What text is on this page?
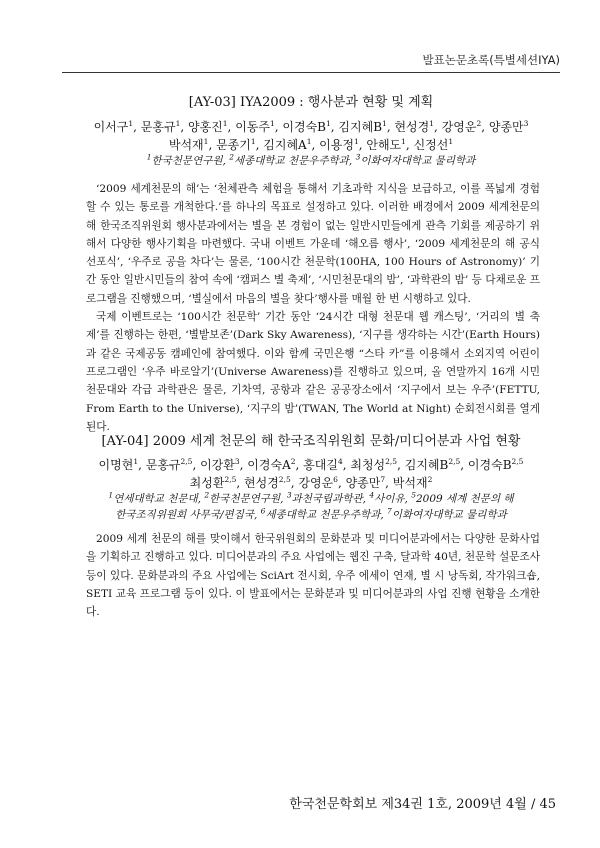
발표논문초록(특별세션IYA)
[AY-03] IYA2009 : 행사분과 현황 및 계획
이서구$^1$, 문홍규$^1$, 양홍진$^1$, 이동주$^1$, 이경숙$B^1$, 김지혜$B^1$, 현성경$^1$, 강영운$^2$, 양종만$^3$
박석재$^1$, 문종기$^1$, 김지혜$A^1$, 이용정$^1$, 안해도$^1$, 신정선$^1$
$^1$한국천문연구원, $^2$세종대학교 천문우주학과, $^3$이화여자대학교 물리학과

‘2009 세계천문의 해’는 ‘천체관측 체험을 통해서 기초과학 지식을 보급하고, 이를 폭넓게 경험할 수 있는 통로를 개척한다.’를 하나의 목표로 설정하고 있다. 이러한 배경에서 2009 세계천문의 해 한국조직위원회 행사분과에서는 별을 본 경험이 없는 일반시민들에게 관측 기회를 제공하기 위해서 다양한 행사기획을 마련했다. 국내 이벤트 가운데 ‘해오름 행사’, ‘2009 세계천문의 해 공식 선포식’, ‘우주로 공을 차다’는 물론, ‘100시간 천문학(100HA, 100 Hours of Astronomy)’ 기간 동안 일반시민들의 참여 속에 ‘캠퍼스 별 축제’, ‘시민천문대의 밤’, ‘과학관의 밤’ 등 다채로운 프로그램을 진행했으며, ‘별실에서 마음의 별을 찾다’행사를 매월 한 번 시행하고 있다.

국제 이벤트로는 ‘100시간 천문학’ 기간 동안 ‘24시간 대형 천문대 웹 캐스팅’, ‘거리의 별 축제’를 진행하는 한편, ‘별밭보존’(Dark Sky Awareness), ‘지구를 생각하는 시간’(Earth Hours)과 같은 국제공동 캠페인에 참여했다. 이와 함께 국민은행 “스타 카”를 이용해서 소외지역 어린이 프로그램인 ‘우주 바로알기’(Universe Awareness)를 진행하고 있으며, 올 연말까지 16개 시민천문대와 각급 과학관은 물론, 기차역, 공항과 같은 공공장소에서 ‘지구에서 보는 우주’(FETTU, From Earth to the Universe), ‘지구의 밤’(TWAN, The World at Night) 순회전시회를 열게 된다.

[AY-04] 2009 세계 천문의 해 한국조직위원회 문화/미디어분과 사업 현황
이명현$^1$, 문홍규$^{2,5}$, 이강환$^3$, 이경숙$A^2$, 홍대길$^4$, 최청성$^{2,5}$, 김지혜B$^{2,5}$, 이경숙B$^{2,5}$
최성환$^{2,5}$, 현성경$^{2,5}$, 강영운$^6$, 양종만$^7$, 박석재$^2$
$^1$연세대학교 천문대, $^2$한국천문연구원, $^3$과천국립과학관, $^4$사이유, $^5$2009 세계 천문의 해
한국조직위원회 사무국/편집국, $^6$세종대학교 천문우주학과, $^7$이화여자대학교 물리학과

2009 세계 천문의 해를 맞이해서 한국위원회의 문화분과 및 미디어분과에서는 다양한 문화사업을 기획하고 진행하고 있다. 미디어분과의 주요 사업에는 웹진 구축, 달과학 40년, 천문학 설문조사 등이 있다. 문화분과의 주요 사업에는 SciArt 전시회, 우주 에세이 연재, 별 시 낭독회, 작가워크숍, SETI 교육 프로그램 등이 있다. 이 발표에서는 문화분과 및 미디어분과의 사업 진행 현황을 소개한다.

한국천문학회보 제34권 1호, 2009년 4월 / 45
